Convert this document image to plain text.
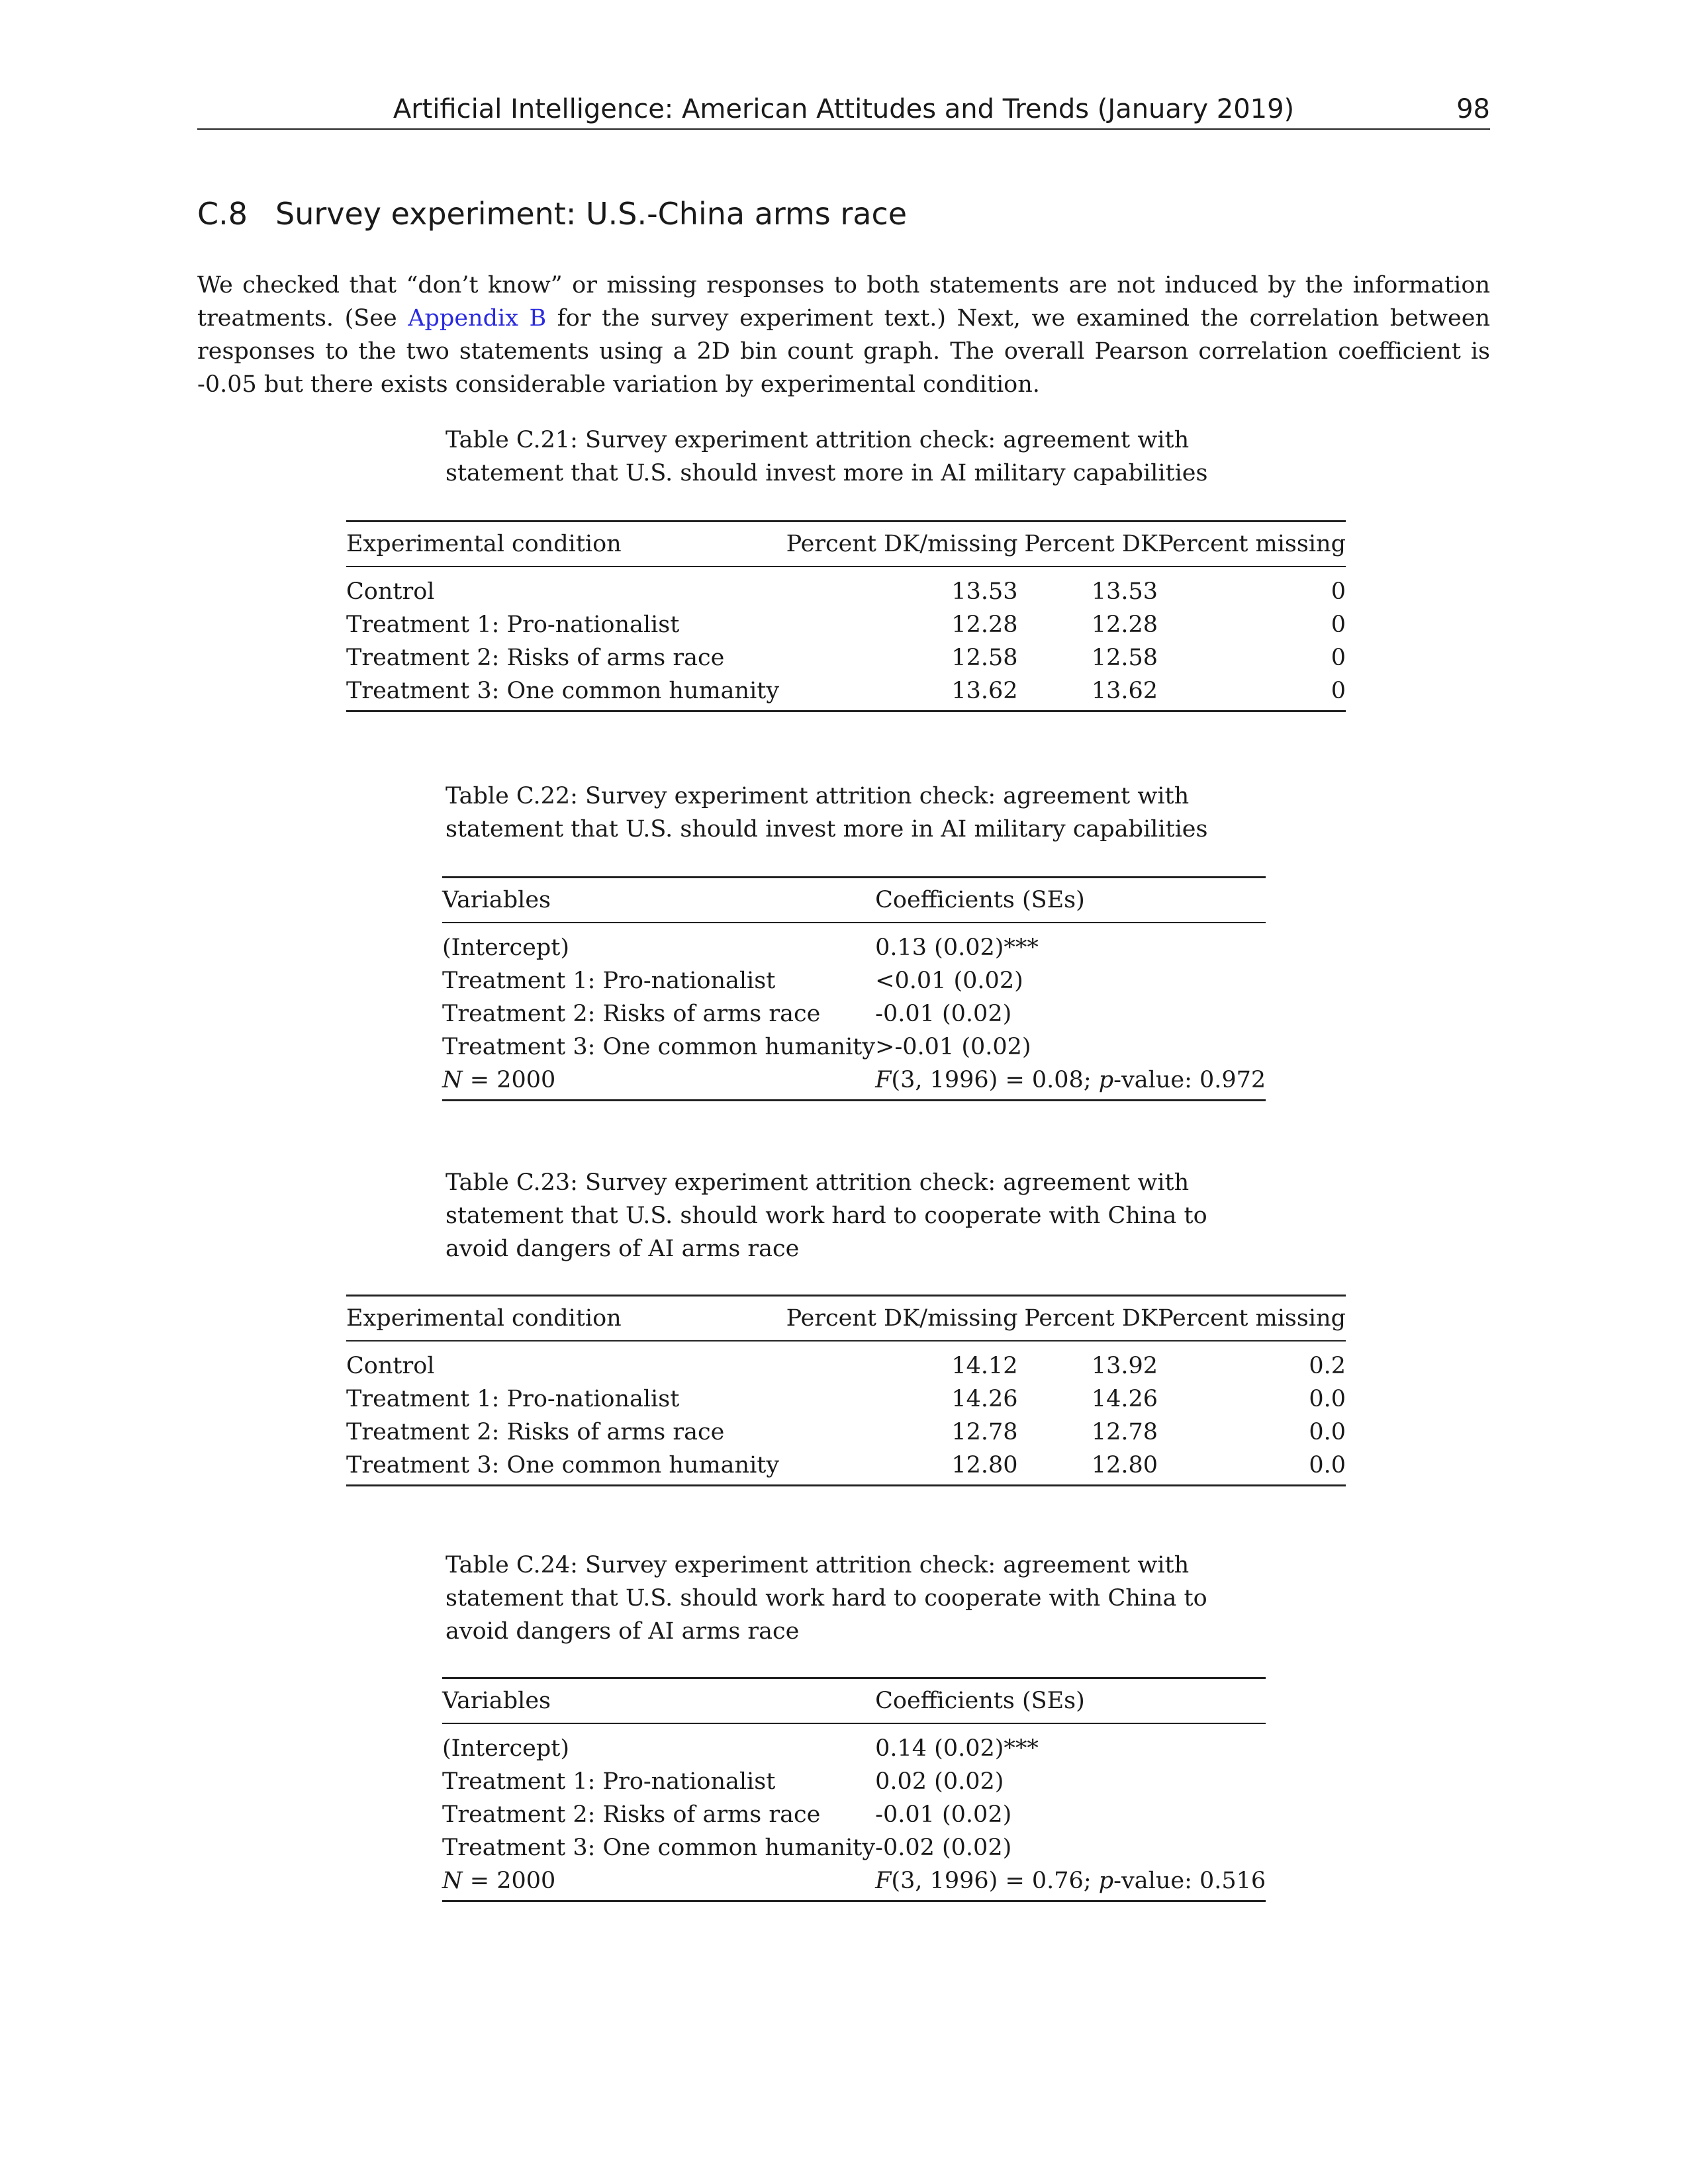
Artificial Intelligence: American Attitudes and Trends (January 2019)	98
C.8 Survey experiment: U.S.-China arms race

We checked that “don’t know” or missing responses to both statements are not induced by the information treatments. (See Appendix B for the survey experiment text.) Next, we examined the correlation between responses to the two statements using a 2D bin count graph. The overall Pearson correlation coefficient is -0.05 but there exists considerable variation by experimental condition.

Table C.21: Survey experiment attrition check: agreement with statement that U.S. should invest more in AI military capabilities
Experimental condition	Percent DK/missing	Percent DK	Percent missing
Control	13.53	13.53	0
Treatment 1: Pro-nationalist	12.28	12.28	0
Treatment 2: Risks of arms race	12.58	12.58	0
Treatment 3: One common humanity	13.62	13.62	0
Table C.22: Survey experiment attrition check: agreement with statement that U.S. should invest more in AI military capabilities
Variables	Coefficients (SEs)
(Intercept)	0.13 (0.02)***
Treatment 1: Pro-nationalist	<0.01 (0.02)
Treatment 2: Risks of arms race	-0.01 (0.02)
Treatment 3: One common humanity	>-0.01 (0.02)
N = 2000	F(3, 1996) = 0.08; p-value: 0.972
Table C.23: Survey experiment attrition check: agreement with statement that U.S. should work hard to cooperate with China to avoid dangers of AI arms race
Experimental condition	Percent DK/missing	Percent DK	Percent missing
Control	14.12	13.92	0.2
Treatment 1: Pro-nationalist	14.26	14.26	0.0
Treatment 2: Risks of arms race	12.78	12.78	0.0
Treatment 3: One common humanity	12.80	12.80	0.0
Table C.24: Survey experiment attrition check: agreement with statement that U.S. should work hard to cooperate with China to avoid dangers of AI arms race
Variables	Coefficients (SEs)
(Intercept)	0.14 (0.02)***
Treatment 1: Pro-nationalist	0.02 (0.02)
Treatment 2: Risks of arms race	-0.01 (0.02)
Treatment 3: One common humanity	-0.02 (0.02)
N = 2000	F(3, 1996) = 0.76; p-value: 0.516
